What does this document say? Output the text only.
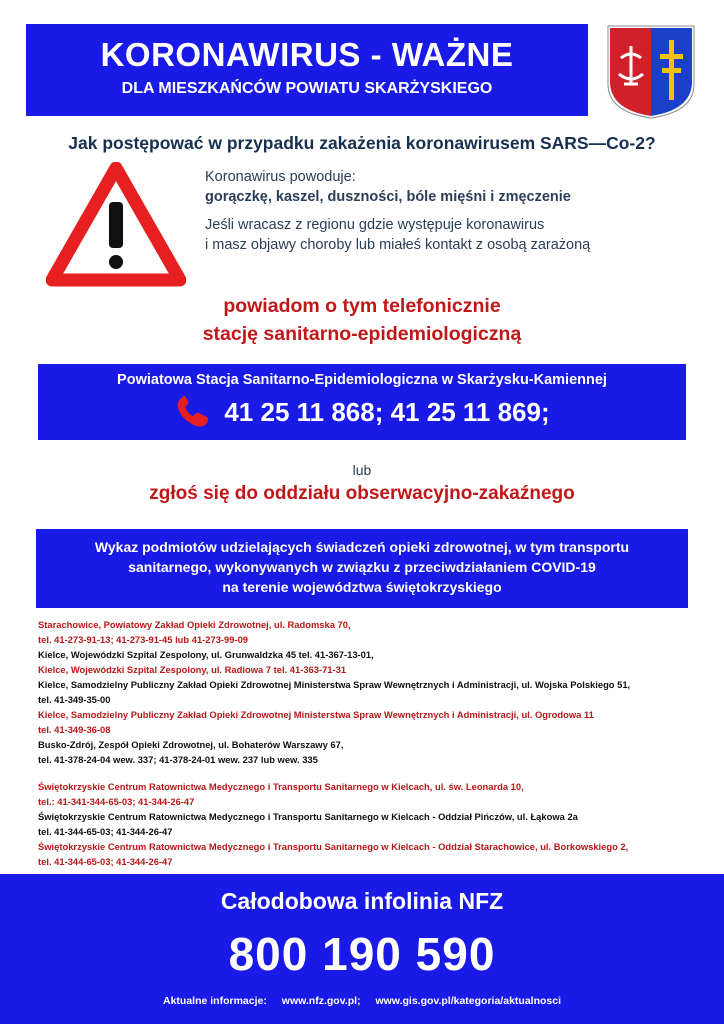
KORONAWIRUS - WAŻNE
DLA MIESZKAŃCÓW POWIATU SKARŻYSKIEGO
Jak postępować w przypadku zakażenia koronawirusem SARS—Co-2?
Koronawirus powoduje:
gorączkę, kaszel, duszności, bóle mięśni i zmęczenie
Jeśli wracasz z regionu gdzie występuje koronawirus
i masz objawy choroby lub miałeś kontakt z osobą zarażoną
powiadom o tym telefonicznie
stację sanitarno-epidemiologiczną
Powiatowa Stacja Sanitarno-Epidemiologiczna w Skarżysku-Kamiennej
41 25 11 868; 41 25 11 869;
lub
zgłoś się do oddziału obserwacyjno-zakaźnego
Wykaz podmiotów udzielających świadczeń opieki zdrowotnej, w tym transportu
sanitarnego, wykonywanych w związku z przeciwdziałaniem COVID-19
na terenie województwa świętokrzyskiego
Starachowice, Powiatowy Zakład Opieki Zdrowotnej, ul. Radomska 70,
tel. 41-273-91-13; 41-273-91-45 lub 41-273-99-09
Kielce, Wojewódzki Szpital Zespolony, ul. Grunwaldzka 45 tel. 41-367-13-01,
Kielce, Wojewódzki Szpital Zespolony, ul. Radiowa 7 tel. 41-363-71-31
Kielce, Samodzielny Publiczny Zakład Opieki Zdrowotnej Ministerstwa Spraw Wewnętrznych i Administracji, ul. Wojska Polskiego 51,
tel. 41-349-35-00
Kielce, Samodzielny Publiczny Zakład Opieki Zdrowotnej Ministerstwa Spraw Wewnętrznych i Administracji, ul. Ogrodowa 11
tel. 41-349-36-08
Busko-Zdrój, Zespół Opieki Zdrowotnej, ul. Bohaterów Warszawy 67,
tel. 41-378-24-04 wew. 337; 41-378-24-01 wew. 237 lub wew. 335
Świętokrzyskie Centrum Ratownictwa Medycznego i Transportu Sanitarnego w Kielcach, ul. św. Leonarda 10,
tel.: 41-341-344-65-03; 41-344-26-47
Świętokrzyskie Centrum Ratownictwa Medycznego i Transportu Sanitarnego w Kielcach - Oddział Pińczów, ul. Łąkowa 2a
tel. 41-344-65-03; 41-344-26-47
Świętokrzyskie Centrum Ratownictwa Medycznego i Transportu Sanitarnego w Kielcach - Oddział Starachowice, ul. Borkowskiego 2,
tel. 41-344-65-03; 41-344-26-47
Całodobowa infolinia NFZ
800 190 590
Aktualne informacje: www.nfz.gov.pl; www.gis.gov.pl/kategoria/aktualnosci
